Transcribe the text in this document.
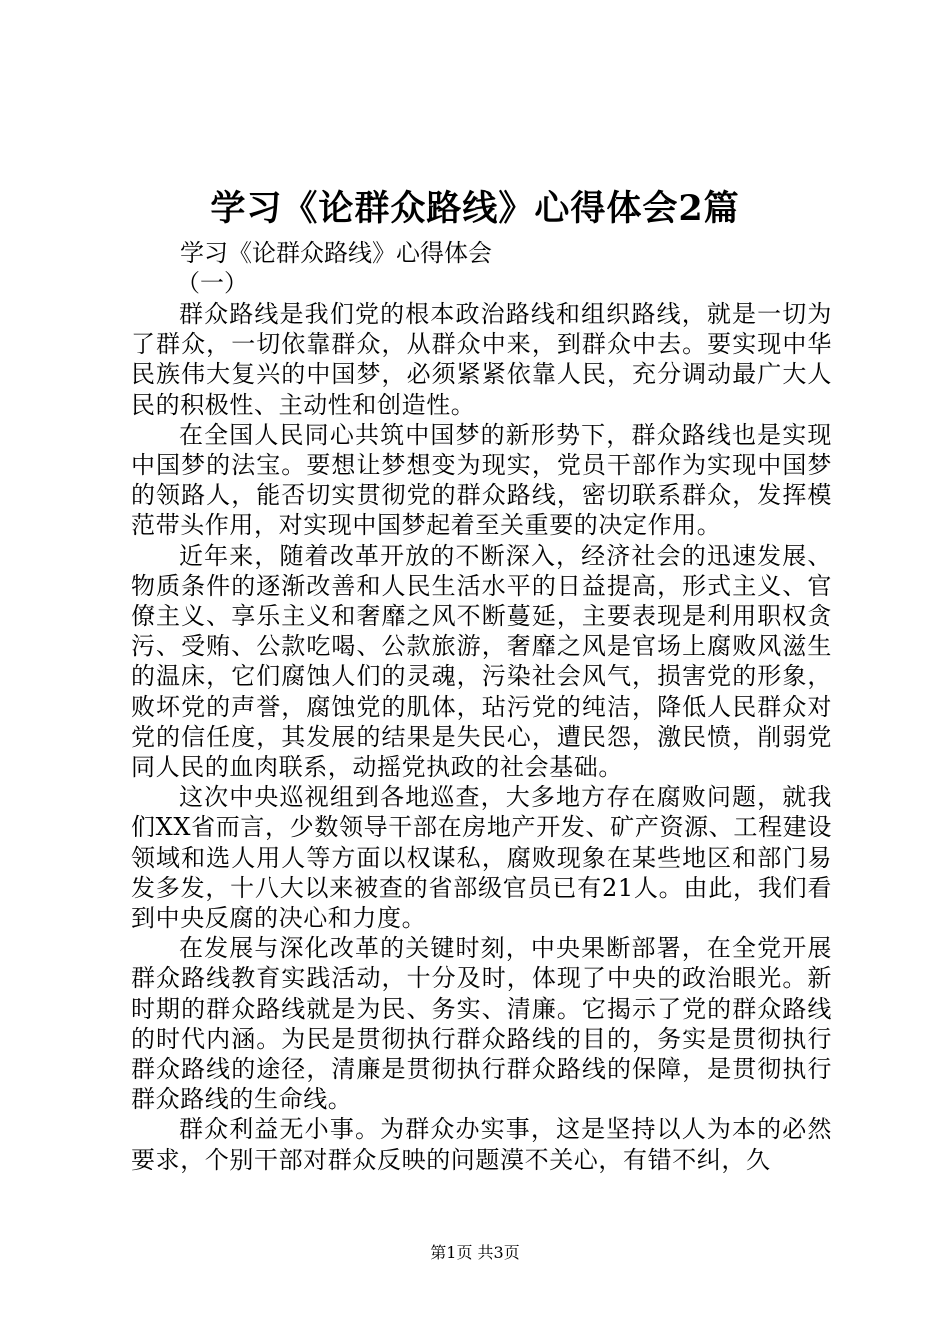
学习《论群众路线》心得体会2篇
学习《论群众路线》心得体会
（一）

群众路线是我们党的根本政治路线和组织路线，就是一切为了群众，一切依靠群众，从群众中来，到群众中去。要实现中华民族伟大复兴的中国梦，必须紧紧依靠人民，充分调动最广大人民的积极性、主动性和创造性。

在全国人民同心共筑中国梦的新形势下，群众路线也是实现中国梦的法宝。要想让梦想变为现实，党员干部作为实现中国梦的领路人，能否切实贯彻党的群众路线，密切联系群众，发挥模范带头作用，对实现中国梦起着至关重要的决定作用。

近年来，随着改革开放的不断深入，经济社会的迅速发展、物质条件的逐渐改善和人民生活水平的日益提高，形式主义、官僚主义、享乐主义和奢靡之风不断蔓延，主要表现是利用职权贪污、受贿、公款吃喝、公款旅游，奢靡之风是官场上腐败风滋生的温床，它们腐蚀人们的灵魂，污染社会风气，损害党的形象，败坏党的声誉，腐蚀党的肌体，玷污党的纯洁，降低人民群众对党的信任度，其发展的结果是失民心，遭民怨，激民愤，削弱党同人民的血肉联系，动摇党执政的社会基础。

这次中央巡视组到各地巡查，大多地方存在腐败问题，就我们XX省而言，少数领导干部在房地产开发、矿产资源、工程建设领域和选人用人等方面以权谋私，腐败现象在某些地区和部门易发多发，十八大以来被查的省部级官员已有21人。由此，我们看到中央反腐的决心和力度。

在发展与深化改革的关键时刻，中央果断部署，在全党开展群众路线教育实践活动，十分及时，体现了中央的政治眼光。新时期的群众路线就是为民、务实、清廉。它揭示了党的群众路线的时代内涵。为民是贯彻执行群众路线的目的，务实是贯彻执行群众路线的途径，清廉是贯彻执行群众路线的保障，是贯彻执行群众路线的生命线。

群众利益无小事。为群众办实事，这是坚持以人为本的必然要求，个别干部对群众反映的问题漠不关心，有错不纠，久

第1页 共3页
